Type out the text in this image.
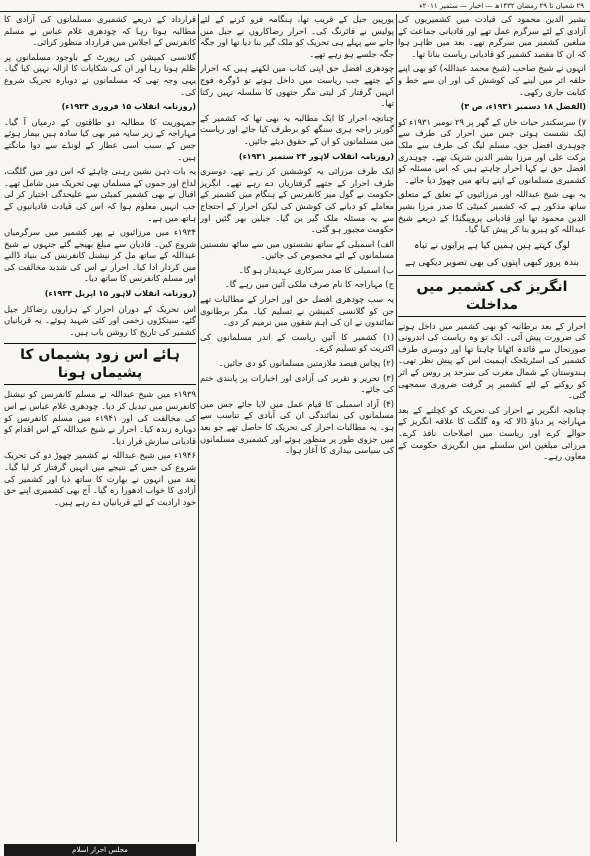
۲۹ شعبان تا ۲۹ رمضان ۱۴۳۲ھ — اخبار — ستمبر ۲۰۱۱ء

بشیر الدین محمود کی قیادت میں کشمیریوں کی آزادی کے لئے سرگرم عمل تھے اور قادیانی جماعت کے مبلغین کشمیر میں سرگرم تھے۔ بعد میں ظاہر ہوا کہ ان کا مقصد کشمیر کو قادیانی ریاست بنانا تھا۔

انہوں نے شیخ صاحب (شیخ محمد عبداللہ) کو بھی اپنے حلقہ اثر میں لینے کی کوشش کی اور ان سے خط و کتابت جاری رکھی۔

(الفضل ۱۸ دسمبر ۱۹۳۱ء، ص ۳)

۷) سرسکندر حیات خان کے گھر پر ۲۹ نومبر ۱۹۳۱ء کو ایک نشست ہوئی جس میں احرار کی طرف سے چوہدری افضل حق، مسلم لیگ کی طرف سے ملک برکت علی اور مرزا بشیر الدین شریک تھے۔ چوہدری افضل حق نے کہا احرار چاہتے ہیں کہ اس مسئلہ کو کشمیری مسلمانوں کے اپنے ہاتھ میں چھوڑ دیا جائے۔

یہ بھی شیخ عبداللہ اور مرزائیوں کے تعلق کے متعلق ساتھ مذکور ہے کہ کشمیر کمیٹی کا صدر مرزا بشیر الدین محمود تھا اور قادیانی پروپیگنڈا کے ذریعے شیخ عبداللہ کو ہیرو بنا کر پیش کیا گیا۔

لوگ کہتے ہیں ہمیں کیا ہے پرایوں نے تباہ
بندہ پرور کبھی اپنوں کی بھی تصویر دیکھی ہے
انگریز کی کشمیر میں مداخلت

احرار کے بعد برطانیہ کو بھی کشمیر میں داخل ہونے کی ضرورت پیش آئی۔ ایک تو وہ ریاست کی اندرونی صورتحال سے فائدہ اٹھانا چاہتا تھا اور دوسری طرف کشمیر کی اسٹریٹجک اہمیت اس کے پیش نظر تھی۔ ہندوستان کے شمال مغرب کی سرحد پر روس کے اثر کو روکنے کے لئے کشمیر پر گرفت ضروری سمجھی گئی۔

چنانچہ انگریز نے احرار کی تحریک کو کچلنے کے بعد مہاراجہ پر دباؤ ڈالا کہ وہ گلگت کا علاقہ انگریز کے حوالے کرے اور ریاست میں اصلاحات نافذ کرے۔ مرزائی مبلغین اس سلسلے میں انگریزی حکومت کے معاون رہے۔

یورپین جیل کے قریب تھا، ہنگامہ فرو کرنے کے لئے پولیس نے فائرنگ کی۔ احرار رضاکاروں نے جیل میں جانے سے پہلے ہی تحریک کو ملک گیر بنا دیا تھا اور جگہ جگہ جلسے ہو رہے تھے۔

چودھری افضل حق اپنی کتاب میں لکھتے ہیں کہ احرار کے جتھے جب ریاست میں داخل ہوتے تو ڈوگرہ فوج انہیں گرفتار کر لیتی مگر جتھوں کا سلسلہ نہیں رکتا تھا۔

چنانچہ احرار کا ایک مطالبہ یہ بھی تھا کہ کشمیر کے گورنر راجہ ہری سنگھ کو برطرف کیا جائے اور ریاست میں مسلمانوں کو ان کے حقوق دیئے جائیں۔

(روزنامہ انقلاب لاہور ۲۴ ستمبر ۱۹۳۱ء)

ایک طرف مرزائی یہ کوششیں کر رہے تھے، دوسری طرف احرار کے جتھے گرفتاریاں دے رہے تھے۔ انگریز حکومت نے گول میز کانفرنس کے ہنگام میں کشمیر کے معاملے کو دبانے کی کوشش کی لیکن احرار کے احتجاج سے یہ مسئلہ ملک گیر بن گیا۔ جیلیں بھر گئیں اور حکومت مجبور ہو گئی۔

الف) اسمبلی کے ساتھ نشستوں میں سے ساٹھ نشستیں مسلمانوں کے لئے مخصوص کی جائیں۔

ب) اسمبلی کا صدر سرکاری عہدیدار ہو گا۔

ج) مہاراجہ کا نام صرف ملکی آئین میں رہے گا۔

یہ سب چودھری افضل حق اور احرار کے مطالبات تھے جن کو گلانسی کمیشن نے تسلیم کیا۔ مگر برطانوی نمائندوں نے ان کی اہم شقوں میں ترمیم کر دی۔

(۱) کشمیر کا آئین ریاست کے اندر مسلمانوں کی اکثریت کو تسلیم کرے۔

(۲) پچاس فیصد ملازمتیں مسلمانوں کو دی جائیں۔

(۳) تحریر و تقریر کی آزادی اور اخبارات پر پابندی ختم کی جائے۔

(۴) آزاد اسمبلی کا قیام عمل میں لایا جائے جس میں مسلمانوں کی نمائندگی ان کی آبادی کے تناسب سے ہو۔ یہ مطالبات احرار کی تحریک کا حاصل تھے جو بعد میں جزوی طور پر منظور ہوئے اور کشمیری مسلمانوں کی سیاسی بیداری کا آغاز ہوا۔

قرارداد کے ذریعے کشمیری مسلمانوں کی آزادی کا مطالبہ ہوتا رہا کہ چودھری غلام عباس نے مسلم کانفرنس کے اجلاس میں قرارداد منظور کرائی۔

گلانسی کمیشن کی رپورٹ کے باوجود مسلمانوں پر ظلم ہوتا رہا اور ان کی شکایات کا ازالہ نہیں کیا گیا۔ یہی وجہ تھی کہ مسلمانوں نے دوبارہ تحریک شروع کی۔

(روزنامہ انقلاب ۱۵ فروری ۱۹۳۴ء)

جمہوریت کا مطالبہ دو طاقتوں کے درمیان آ گیا۔ مہاراجہ کے زیر سایہ میر بھی کیا سادہ ہیں بیمار ہوئے جس کے سبب اسی عطار کے لونڈے سے دوا مانگتے ہیں۔

یہ بات ذہن نشین رہنی چاہئے کہ اس دور میں گلگت، لداخ اور جموں کے مسلمان بھی تحریک میں شامل تھے۔ اقبال نے بھی کشمیر کمیٹی سے علیحدگی اختیار کر لی جب انہیں معلوم ہوا کہ اس کی قیادت قادیانیوں کے ہاتھ میں ہے۔

۱۹۳۴ء میں مرزائیوں نے پھر کشمیر میں سرگرمیاں شروع کیں۔ قادیان سے مبلغ بھیجے گئے جنہوں نے شیخ عبداللہ کے ساتھ مل کر نیشنل کانفرنس کی بنیاد ڈالنے میں کردار ادا کیا۔ احرار نے اس کی شدید مخالفت کی اور مسلم کانفرنس کا ساتھ دیا۔

(روزنامہ انقلاب لاہور ۱۵ اپریل ۱۹۳۴ء)

اس تحریک کے دوران احرار کے ہزاروں رضاکار جیل گئے، سینکڑوں زخمی اور کئی شہید ہوئے۔ یہ قربانیاں کشمیر کی تاریخ کا روشن باب ہیں۔

ہائے اس زود پشیماں کا پشیماں ہونا

۱۹۳۹ء میں شیخ عبداللہ نے مسلم کانفرنس کو نیشنل کانفرنس میں تبدیل کر دیا۔ چودھری غلام عباس نے اس کی مخالفت کی اور ۱۹۴۱ء میں مسلم کانفرنس کو دوبارہ زندہ کیا۔ احرار نے شیخ عبداللہ کے اس اقدام کو قادیانی سازش قرار دیا۔

۱۹۴۶ء میں شیخ عبداللہ نے کشمیر چھوڑ دو کی تحریک شروع کی جس کے نتیجے میں انہیں گرفتار کر لیا گیا۔ بعد میں انہوں نے بھارت کا ساتھ دیا اور کشمیر کی آزادی کا خواب ادھورا رہ گیا۔ آج بھی کشمیری اپنے حق خود ارادیت کے لئے قربانیاں دے رہے ہیں۔

مجلس احرار اسلام
